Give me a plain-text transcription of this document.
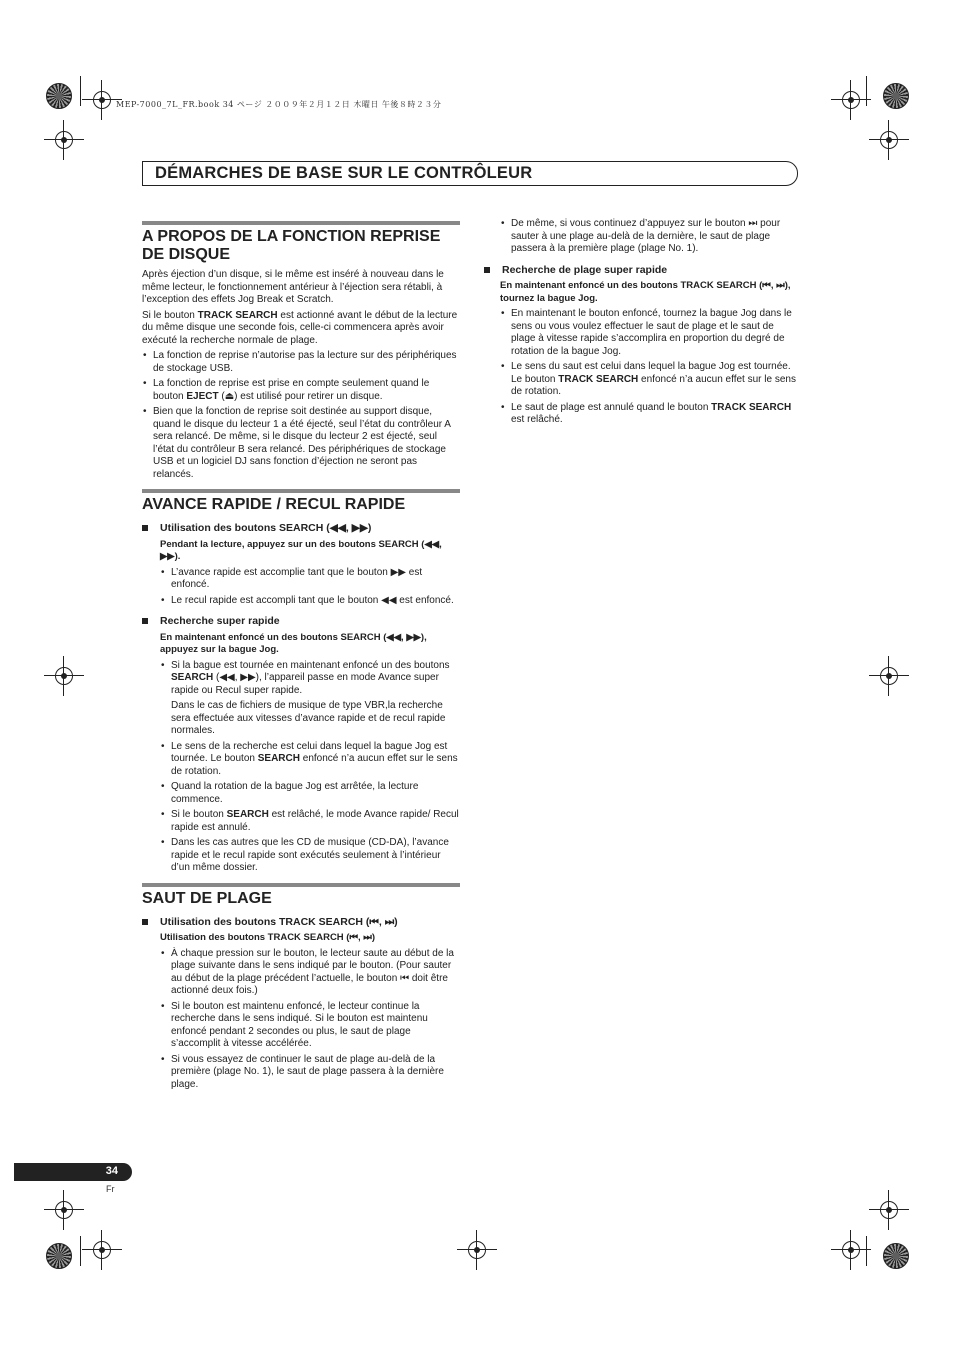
MEP-7000_7L_FR.book 34 ページ ２００９年２月１２日 木曜日 午後８時２３分
DÉMARCHES DE BASE SUR LE CONTRÔLEUR
A PROPOS DE LA FONCTION REPRISE DE DISQUE

Après éjection d’un disque, si le même est inséré à nouveau dans le même lecteur, le fonctionnement antérieur à l’éjection sera rétabli, à l’exception des effets Jog Break et Scratch.

Si le bouton TRACK SEARCH est actionné avant le début de la lecture du même disque une seconde fois, celle-ci commencera après avoir exécuté la recherche normale de plage.

• La fonction de reprise n’autorise pas la lecture sur des périphériques de stockage USB.
• La fonction de reprise est prise en compte seulement quand le bouton EJECT (⏏) est utilisé pour retirer un disque.
• Bien que la fonction de reprise soit destinée au support disque, quand le disque du lecteur 1 a été éjecté, seul l’état du contrôleur A sera relancé. De même, si le disque du lecteur 2 est éjecté, seul l’état du contrôleur B sera relancé. Des périphériques de stockage USB et un logiciel DJ sans fonction d’éjection ne seront pas relancés.
AVANCE RAPIDE / RECUL RAPIDE
Utilisation des boutons SEARCH (◀◀, ▶▶)
Pendant la lecture, appuyez sur un des boutons SEARCH (◀◀, ▶▶).
• L’avance rapide est accomplie tant que le bouton ▶▶ est enfoncé.
• Le recul rapide est accompli tant que le bouton ◀◀ est enfoncé.
Recherche super rapide
En maintenant enfoncé un des boutons SEARCH (◀◀, ▶▶), appuyez sur la bague Jog.
• Si la bague est tournée en maintenant enfoncé un des boutons SEARCH (◀◀, ▶▶), l’appareil passe en mode Avance super rapide ou Recul super rapide.
Dans le cas de fichiers de musique de type VBR,la recherche sera effectuée aux vitesses d’avance rapide et de recul rapide normales.
• Le sens de la recherche est celui dans lequel la bague Jog est tournée. Le bouton SEARCH enfoncé n’a aucun effet sur le sens de rotation.
• Quand la rotation de la bague Jog est arrêtée, la lecture commence.
• Si le bouton SEARCH est relâché, le mode Avance rapide/ Recul rapide est annulé.
• Dans les cas autres que les CD de musique (CD-DA), l’avance rapide et le recul rapide sont exécutés seulement à l’intérieur d’un même dossier.
SAUT DE PLAGE
Utilisation des boutons TRACK SEARCH (⏮, ⏭)
Utilisation des boutons TRACK SEARCH (⏮, ⏭)
• À chaque pression sur le bouton, le lecteur saute au début de la plage suivante dans le sens indiqué par le bouton. (Pour sauter au début de la plage précédent l’actuelle, le bouton ⏮ doit être actionné deux fois.)
• Si le bouton est maintenu enfoncé, le lecteur continue la recherche dans le sens indiqué. Si le bouton est maintenu enfoncé pendant 2 secondes ou plus, le saut de plage s’accomplit à vitesse accélérée.
• Si vous essayez de continuer le saut de plage au-delà de la première (plage No. 1), le saut de plage passera à la dernière plage.
• De même, si vous continuez d’appuyez sur le bouton ⏭ pour sauter à une plage au-delà de la dernière, le saut de plage passera à la première plage (plage No. 1).
Recherche de plage super rapide
En maintenant enfoncé un des boutons TRACK SEARCH (⏮, ⏭), tournez la bague Jog.
• En maintenant le bouton enfoncé, tournez la bague Jog dans le sens ou vous voulez effectuer le saut de plage et le saut de plage à vitesse rapide s’accomplira en proportion du degré de rotation de la bague Jog.
• Le sens du saut est celui dans lequel la bague Jog est tournée. Le bouton TRACK SEARCH enfoncé n’a aucun effet sur le sens de rotation.
• Le saut de plage est annulé quand le bouton TRACK SEARCH est relâché.
34
Fr
